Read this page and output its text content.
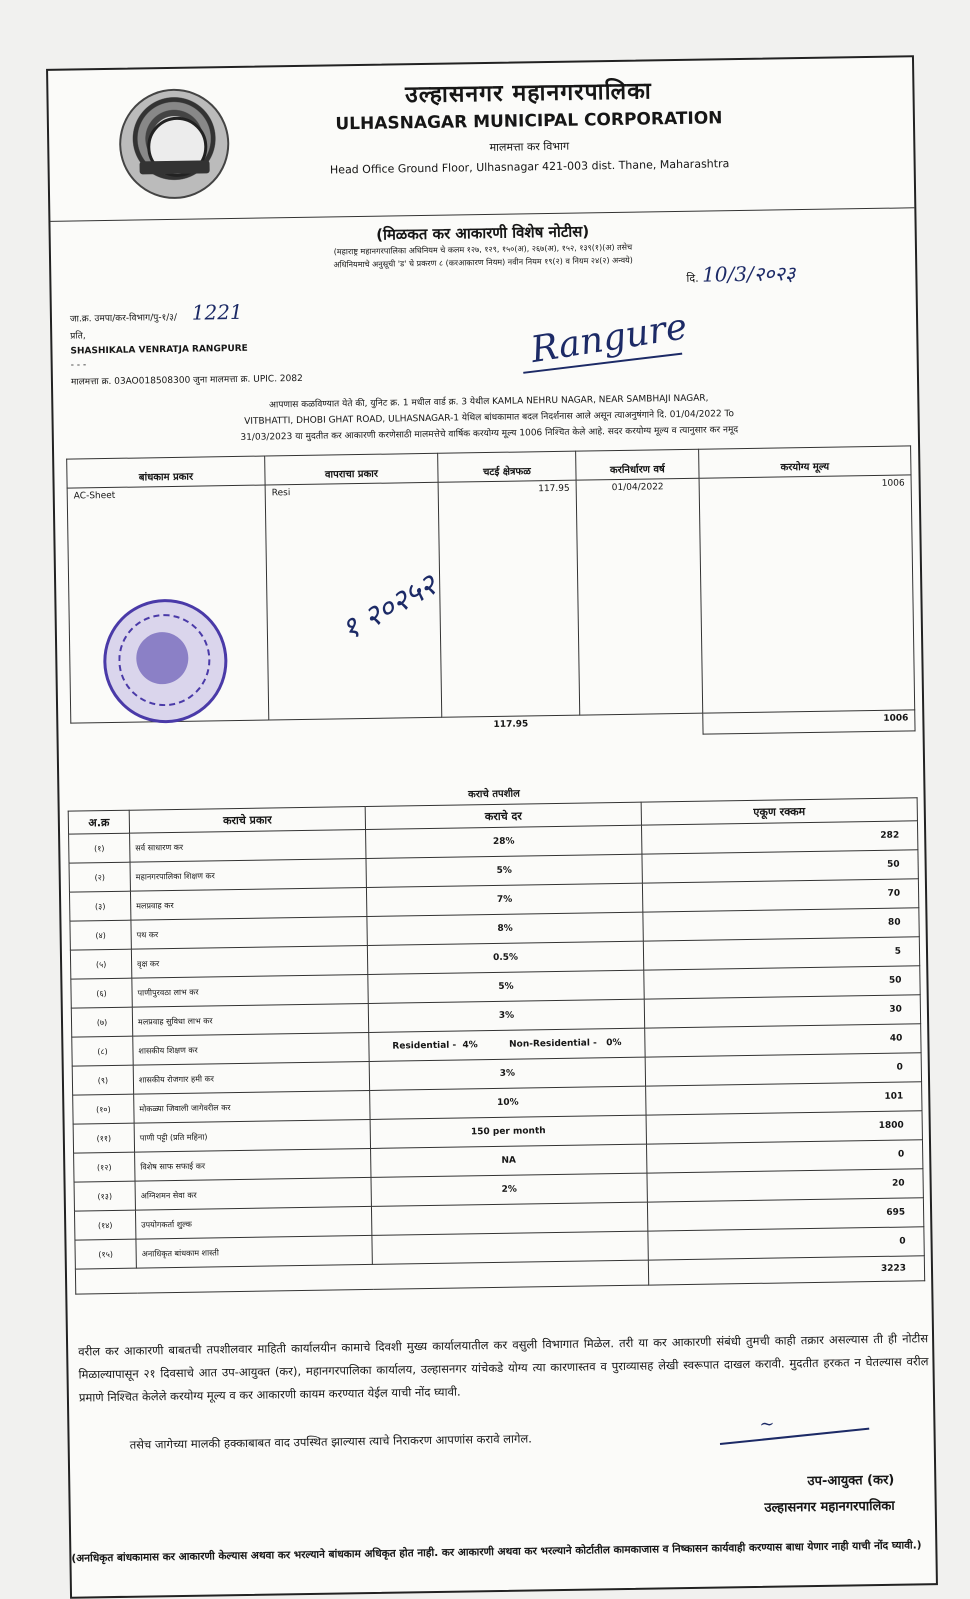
उल्हासनगर महानगरपालिका
ULHASNAGAR MUNICIPAL CORPORATION
मालमत्ता कर विभाग
Head Office Ground Floor, Ulhasnagar 421-003 dist. Thane, Maharashtra
(मिळकत कर आकारणी विशेष नोटीस)
(महाराष्ट्र महानगरपालिका अधिनियम चे कलम १२७, १२९, १५०(अ), २६७(अ), १५२, १३९(१)(अ) तसेच
अधिनियमाचे अनुसूची 'ड' चे प्रकरण ८ (करआकारण नियम) नवीन नियम १९(२) व नियम २४(२) अन्वये)
दि. 10/3/२०२३
जा.क्र. उमपा/कर-विभाग/पु-१/३/ 1221
प्रति,
SHASHIKALA VENRATJA RANGPURE
- - -
मालमत्ता क्र. 03AO018508300 जुना मालमत्ता क्र. UPIC. 2082
Rangure
आपणास कळविण्यात येते की, युनिट क्र. 1 मधील वार्ड क्र. 3 येथील KAMLA NEHRU NAGAR, NEAR SAMBHAJI NAGAR,
VITBHATTI, DHOBI GHAT ROAD, ULHASNAGAR-1 येथिल बांधकामात बदल निदर्शनास आले असून त्याअनुषंगाने दि. 01/04/2022 To
31/03/2023 या मुदतीत कर आकारणी करणेसाठी मालमत्तेचे वार्षिक करयोग्य मूल्य 1006 निश्चित केले आहे. सदर करयोग्य मूल्य व त्यानुसार कर नमूद
बांधकाम प्रकार	वापराचा प्रकार	चटई क्षेत्रफळ	करनिर्धारण वर्ष	करयोग्य मूल्य
AC-Sheet	Resi	117.95	01/04/2022	1006
		117.95		1006
१ २०२५२
कराचे तपशील
अ.क्र	कराचे प्रकार	कराचे दर	एकूण रक्कम
(१)	सर्व साधारण कर	28%	282
(२)	महानगरपालिका शिक्षण कर	5%	50
(३)	मलप्रवाह कर	7%	70
(४)	पथ कर	8%	80
(५)	वृक्ष कर	0.5%	5
(६)	पाणीपुरवठा लाभ कर	5%	50
(७)	मलप्रवाह सुविधा लाभ कर	3%	30
(८)	शासकीय शिक्षण कर	Residential -  4%          Non-Residential -   0%	40
(९)	शासकीय रोजगार हमी कर	3%	0
(१०)	मोकळ्या जिवाली जागेवरील कर	10%	101
(११)	पाणी पट्टी (प्रति महिना)	150 per month	1800
(१२)	विशेष साफ सफाई कर	NA	0
(१३)	अग्निशमन सेवा कर	2%	20
(१४)	उपयोगकर्ता शुल्क		695
(१५)	अनाधिकृत बांधकाम शास्ती		0
			3223
वरील कर आकारणी बाबतची तपशीलवार माहिती कार्यालयीन कामाचे दिवशी मुख्य कार्यालयातील कर वसुली विभागात मिळेल. तरी या कर आकारणी संबंधी तुमची काही तक्रार असल्यास ती ही नोटीस मिळाल्यापासून २१ दिवसाचे आत उप-आयुक्त (कर), महानगरपालिका कार्यालय, उल्हासनगर यांचेकडे योग्य त्या कारणास्तव व पुराव्यासह लेखी स्वरूपात दाखल करावी. मुदतीत हरकत न घेतल्यास वरील प्रमाणे निश्चित केलेले करयोग्य मूल्य व कर आकारणी कायम करण्यात येईल याची नोंद घ्यावी.
तसेच जागेच्या मालकी हक्काबाबत वाद उपस्थित झाल्यास त्याचे निराकरण आपणांस करावे लागेल.
~
उप-आयुक्त (कर)
उल्हासनगर महानगरपालिका
(अनधिकृत बांधकामास कर आकारणी केल्यास अथवा कर भरल्याने बांधकाम अधिकृत होत नाही. कर आकारणी अथवा कर भरल्याने कोर्टातील कामकाजास व निष्कासन कार्यवाही करण्यास बाधा येणार नाही याची नोंद घ्यावी.)
